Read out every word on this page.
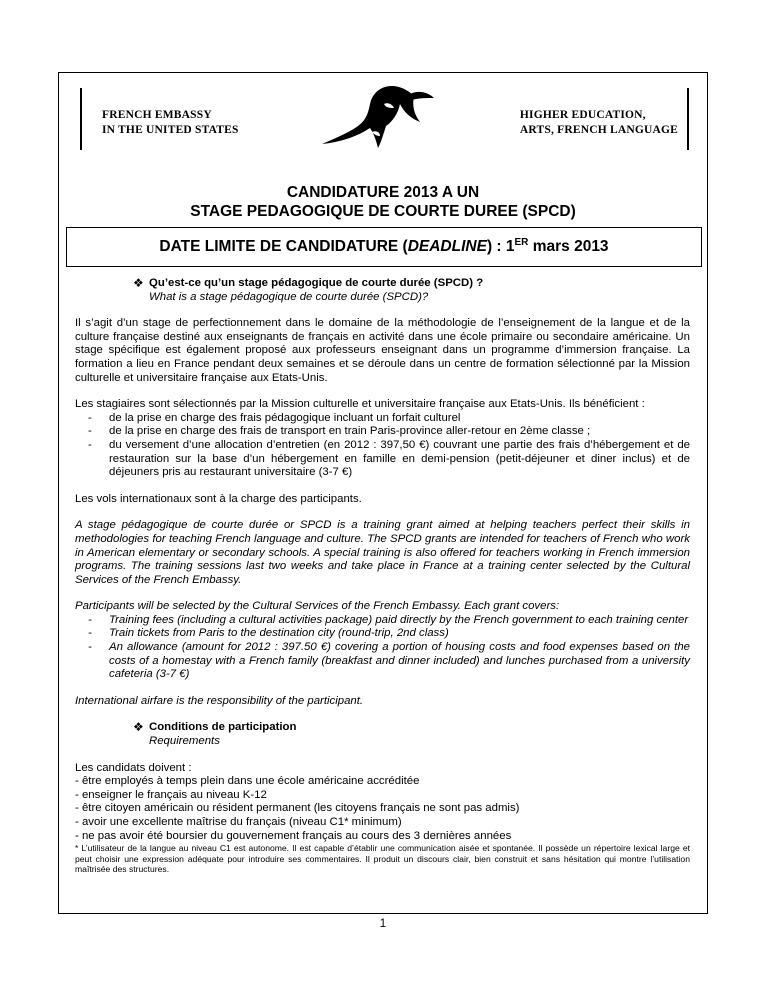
FRENCH EMBASSY
IN THE UNITED STATES
HIGHER EDUCATION,
ARTS, FRENCH LANGUAGE
CANDIDATURE 2013 A UN
STAGE PEDAGOGIQUE DE COURTE DUREE (SPCD)
DATE LIMITE DE CANDIDATURE (DEADLINE) : 1ER mars 2013
❖ Qu’est-ce qu’un stage pédagogique de courte durée (SPCD) ?
What is a stage pédagogique de courte durée (SPCD)?

Il s’agit d’un stage de perfectionnement dans le domaine de la méthodologie de l’enseignement de la langue et de la culture française destiné aux enseignants de français en activité dans une école primaire ou secondaire américaine. Un stage spécifique est également proposé aux professeurs enseignant dans un programme d’immersion française. La formation a lieu en France pendant deux semaines et se déroule dans un centre de formation sélectionné par la Mission culturelle et universitaire française aux Etats-Unis.

Les stagiaires sont sélectionnés par la Mission culturelle et universitaire française aux Etats-Unis. Ils bénéficient :

- de la prise en charge des frais pédagogique incluant un forfait culturel
- de la prise en charge des frais de transport en train Paris-province aller-retour en 2ème classe ;
- du versement d’une allocation d’entretien (en 2012 : 397,50 €) couvrant une partie des frais d’hébergement et de restauration sur la base d’un hébergement en famille en demi-pension (petit-déjeuner et diner inclus) et de déjeuners pris au restaurant universitaire (3-7 €)

Les vols internationaux sont à la charge des participants.

A stage pédagogique de courte durée or SPCD is a training grant aimed at helping teachers perfect their skills in methodologies for teaching French language and culture. The SPCD grants are intended for teachers of French who work in American elementary or secondary schools. A special training is also offered for teachers working in French immersion programs. The training sessions last two weeks and take place in France at a training center selected by the Cultural Services of the French Embassy.

Participants will be selected by the Cultural Services of the French Embassy. Each grant covers:

- Training fees (including a cultural activities package) paid directly by the French government to each training center
- Train tickets from Paris to the destination city (round-trip, 2nd class)
- An allowance (amount for 2012 : 397.50 €) covering a portion of housing costs and food expenses based on the costs of a homestay with a French family (breakfast and dinner included) and lunches purchased from a university cafeteria (3-7 €)

International airfare is the responsibility of the participant.

❖ Conditions de participation
Requirements

Les candidats doivent :

- être employés à temps plein dans une école américaine accréditée

- enseigner le français au niveau K-12

- être citoyen américain ou résident permanent (les citoyens français ne sont pas admis)

- avoir une excellente maîtrise du français (niveau C1* minimum)

- ne pas avoir été boursier du gouvernement français au cours des 3 dernières années

* L’utilisateur de la langue au niveau C1 est autonome. Il est capable d’établir une communication aisée et spontanée. Il possède un répertoire lexical large et peut choisir une expression adéquate pour introduire ses commentaires. Il produit un discours clair, bien construit et sans hésitation qui montre l’utilisation maîtrisée des structures.

1
